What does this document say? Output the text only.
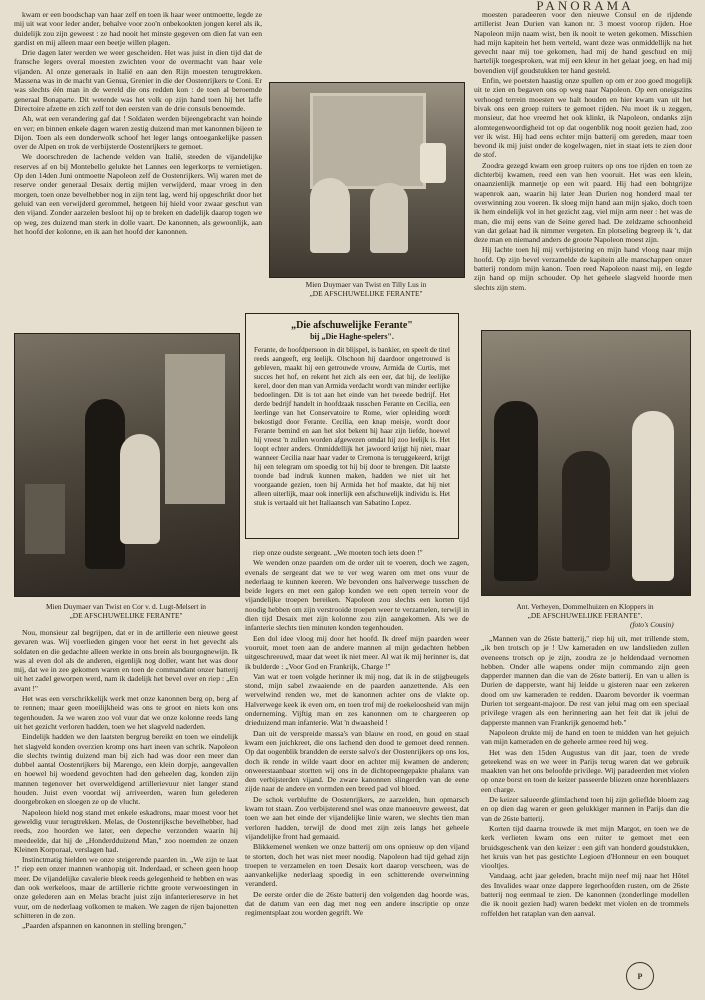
PANORAMA

kwam er een boodschap van haar zelf en toen ik haar weer ontmoette, legde ze mij uit wat voor leder ander, behalve voor zoo'n onbekookten jongen kerel als ik, duidelijk zou zijn geweest : ze had nooit het minste gegeven om dien fat van een gardist en mij alleen maar een beetje willen plagen.

Drie dagen later werden we weer gescheiden. Het was juist in dien tijd dat de fransche legers overal moesten zwichten voor de overmacht van haar vele vijanden. Al onze generaals in Italië en aan den Rijn moesten terugtrekken. Massena was in de macht van Genua, Grenier in die der Oostenrijkers te Coni. Er was slechts één man in de wereld die ons redden kon : de toen al beroemde generaal Bonaparte. Dit wetende was het volk op zijn hand toen hij het laffe Directoire afzette en zich zelf tot den eersten van de drie consuls benoemde.

Ah, wat een verandering gaf dat ! Soldaten werden bijeengebracht van hoinde en ver; en binnen enkele dagen waren zestig duizend man met kanonnen bijeen te Dijon. Toen als een donderwolk schoof het leger langs ontoegankelijke passen over de Alpen en trok de verbijsterde Oostenrijkers te gemoet.

We doorschreden de lachende velden van Italië, steeden de vijandelijke reserves af en bij Montebello gelukte het Lannes een legerkorps te vernietigen. Op den 14den Juni ontmoette Napoleon zelf de Oostenrijkers. Wij waren met de reserve onder generaal Desaix dertig mijlen verwijderd, maar vroeg in den morgen, toen onze bevelhebber nog in zijn tent lag, werd hij opgeschrikt door het geluid van een verwijderd gerommel, hetgeen hij hield voor zwaar geschut van den vijand. Zonder aarzelen besloot hij op te breken en dadelijk daarop togen we op weg, zes duizend man sterk in dolle vaart. De kanonnen, als gewoonlijk, aan het hoofd der kolonne, en ik aan het hoofd der kanonnen.

Mien Duymaer van Twist en Tilly Lus in
„DE AFSCHUWELIJKE FERANTE"

moesten paradeeren voor den nieuwe Consul en de rijdende artillerist Jean Durien van kanon nr. 3 moest voorop rijden. Hoe Napoleon mijn naam wist, ben ik nooit te weten gekomen. Misschien had mijn kapitein het hem verteld, want deze was onmiddellijk na het gevecht naar mij toe gekomen, had mij de hand geschud en mij hartelijk toegesproken, wat mij een kleur in het gelaat joeg, en had mij bovendien vijf goudstukken ter hand gesteld.

Enfin, we poetsten haastig onze spullen op om er zoo goed mogelijk uit te zien en begaven ons op weg naar Napoleon. Op een oneigszins verhoogd terrein moesten we halt houden en hier kwam van uit het bivak ons een groep ruiters te gemoet rijden. Nu moet ik u zeggen, monsieur, dat hoe vreemd het ook klinkt, ik Napoleon, ondanks zijn alomtegenwoordigheid tot op dat oogenblik nog nooit gezien had, zoo ver ik wist. Hij had eens echter mijn batterij om gereden, maar toen bevond ik mij juist onder de kogelwagen, niet in staat iets te zien door de stof.

Zoodra gezegd kwam een groep ruiters op ons toe rijden en toen ze dichterbij kwamen, reed een van hen vooruit. Het was een klein, onaanzienlijk mannetje op een wit paard. Hij had een bohtgrijze wapenrok aan, waarin hij later Jean Durien nog honderd maal ter overwinning zou voeren. Ik sloeg mijn hand aan mijn sjako, doch toen ik hem eindelijk vol in het gezicht zag, viel mijn arm neer : het was de man, die mij eens van de Seine gered had. De zeldzame schoonheid van dat gelaat had ik nimmer vergeten. En plotseling begreep ik 't, dat deze man en niemand anders de groote Napoleon moest zijn.

Hij lachte toen hij mij verbijstering en mijn hand vloog naar mijn hoofd. Op zijn bevel verzamelde de kapitein alle manschappen onzer batterij rondom mijn kanon. Toen reed Napoleon naast mij, en legde zijn hand op mijn schouder. Op het geheele slagveld hoorde men slechts zijn stem.

Mien Duymaer van Twist en Cor v. d. Lugt-Melsert in
„DE AFSCHUWELIJKE FERANTE"
„Die afschuwelijke Ferante"
bij „Die Haghe-spelers".
Ferante, de hoofdpersoon in dit blijspel, is bankier, en speelt de titel reeds aangeeft, erg leelijk. Olschoon hij daardoor ongetrouwd is gebleven, maakt hij een getrouwde vrouw, Armida de Curtis, met succes het hof, en rekent het zich als een eer, dat hij, de leelijke kerel, door den man van Armida verdacht wordt van minder eerlijke bedoelingen. Dit is tot aan het einde van het tweede bedrijf. Het derde bedrijf handelt in hoofdzaak tusschen Ferante en Cecilia, een leerlinge van het Conservatoire te Rome, wier opleiding wordt bekostigd door Ferante. Cecilia, een knap meisje, wordt door Ferante bemind en aan het slot bekent hij haar zijn liefde, hoewel hij vreest 'n zullen worden afgewezen omdat hij zoo leelijk is. Het loopt echter anders. Onmiddellijk het jawoord krijgt hij niet, maar wanneer Cecilia naar haar vader te Cremona is teruggekeerd, krijgt hij een telegram om spoedig tot hij bij door te brengen. Dit laatste toonde bad indruk kunnen maken, hadden we niet uit het voorgaande gezien, toen hij Armida het hof maakte, dat hij niet alleen uiterlijk, maar ook innerlijk een afschuwelijk individu is. Het stuk is vertaald uit het Italiaansch van Sabatino Lopez.
Ant. Verheyen, Dommelhuizen en Kloppers in
„DE AFSCHUWELIJKE FERANTE".
(foto's Cousin)

Nou, monsieur zal begrijpen, dat er in de artillerie een nieuwe geest gevaren was. Wij voerlieden gingen voor het eerst in het gevecht als soldaten en die gedachte alleen werkte in ons brein als bourgognewijn. Ik was al even dol als de anderen, eigenlijk nog doller, want het was door mij, dat we in zee gekomen waren en toen de commandant onzer batterij uit het zadel geworpen werd, nam ik dadelijk het bevel over en riep : „En avant !"

Het was een verschrikkelijk werk met onze kanonnen berg op, berg af te rennen; maar geen moeilijkheid was ons te groot en niets kon ons tegenhouden. Ja we waren zoo vol vuur dat we onze kolonne reeds lang uit het gezicht verloren hadden, toen we het slagveld naderden.

Eindelijk hadden we den laatsten bergrug bereikt en toen we eindelijk het slagveld konden overzien kromp ons hart ineen van schrik. Napoleon die slechts twintig duizend man bij zich had was door een meer dan dubbel aantal Oostenrijkers bij Marengo, een klein dorpje, aangevallen en hoewel hij woedend gevochten had den geheelen dag, konden zijn mannen tegenover het overweldigend artillerievuur niet langer stand houden. Juist even voordat wij arriveerden, waren hun gelederen doorgebroken en sloegen ze op de vlucht.

Napoleon hield nog stand met enkele eskadrons, maar moest voor het geweldig vuur terugtrekken. Melas, de Oostenrijksche bevelhebber, had reeds, zoo hoorden we later, een depeche verzonden waarin hij meedeelde, dat hij de „Honderdduizend Man," zoo noemden ze onzen Kleinen Korporaal, verslagen had.

Instinctmatig hielden we onze steigerende paarden in. „We zijn te laat !" riep een onzer mannen wanhopig uit. Inderdaad, er scheen geen hoop meer. De vijandelijke cavalerie bleek reeds gelegenheid te hebben en was dan ook werkeloos, maar de artillerie richtte groote verwoestingen in onze gelederen aan en Melas bracht juist zijn infanteriereserve in het vuur, om de nederlaag volkomen te maken. We zagen de rijen bajonetten schitteren in de zon.

„Paarden afspannen en kanonnen in stelling brengen,"

riep onze oudste sergeant. „We moeten toch iets doen !"

We wenden onze paarden om de order uit te voeren, doch we zagen, evenals de sergeant dat we te ver weg waren om met ons vuur de nederlaag te kunnen keeren. We bevonden ons halverwege tusschen de beide legers en met een galop konden we een open terrein voor de vijandelijke troepen bereiken. Napoleon zou slechts een korten tijd noodig hebben om zijn verstrooide troepen weer te verzamelen, terwijl in dien tijd Desaix met zijn kolonne zou zijn aangekomen. Als we de infanterie slechts tien minuten konden tegenhouden.

Een dol idee vloog mij door het hoofd. Ik dreef mijn paarden weer vooruit, moet toen aan de andere mannen al mijn gedachten hebben uitgeschreeuwd, maar dat weet ik niet meer. Al wat ik mij herinner is, dat ik bulderde : „Voor God en Frankrijk, Charge !"

Van wat er toen volgde herinner ik mij nog, dat ik in de stijgbeugels stond, mijn sabel zwaaiende en de paarden aanzettende. Als een wervelwind renden we, met de kanonnen achter ons de vlakte op. Halverwege keek ik even om, en toen trof mij de roekeloosheid van mijn onderneming. Vijftig man en zes kanonnen om te chargeeren op drieduizend man infanterie. Wat 'n dwaasheid !

Dan uit de verspreide massa's van blauw en rood, en goud en staal kwam een juichkreet, die ons lachend den dood te gemoet deed rennen. Op dat oogenblik brandden de eerste salvo's der Oostenrijkers op ons los, doch ik rende in wilde vaart door en achter mij kwamen de anderen; onweerstaanbaar stortten wij ons in de dichtopeengepakte phalanx van den verbijsterden vijand. De zware kanonnen slingerden van de eene zijde naar de andere en vormden een breed pad vol bloed.

De schok verbluftte de Oostenrijkers, ze aarzelden, hun opmarsch kwam tot staan. Zoo verbijsterend snel was onze manoeuvre geweest, dat toen we aan het einde der vijandelijke linie waren, we slechts tien man verloren hadden, terwijl de dood met zijn zeis langs het geheele vijandelijke front had gemaaid.

Blikkemenel wenken we onze batterij om ons opnieuw op den vijand te storten, doch het was niet meer noodig. Napoleon had tijd gehad zijn troepen te verzamelen en toen Desaix kort daarop verscheen, was de aanvankelijke nederlaag spoedig in een schitterende overwinning veranderd.

De eerste order die de 26ste batterij den volgenden dag hoorde was, dat de datum van een dag met nog een andere inscriptie op onze regimentsplaat zou worden gegrift. We

„Mannen van de 26ste batterij," riep hij uit, met trillende stem, „ik ben trotsch op je ! Uw kameraden en uw landslieden zullen eveneens trotsch op je zijn, zoodra ze je heldendaad vernomen hebben. Onder alle wapens onder mijn commando zijn geen dapperder mannen dan die van de 26ste batterij. En van u allen is Durien de dapperste, want hij leidde u gisteren naar een zekeren dood om uw kameraden te redden. Daarom bevorder ik voerman Durien tot sergeant-majoor. De rest van jelui mag om een speciaal privilege vragen als een herinnering aan het feit dat ik jelui de dapperste mannen van Frankrijk genoemd heb."

Napoleon drukte mij de hand en toen te midden van het gejuich van mijn kameraden en de geheele armee reed hij weg.

Het was den 15den Augustus van dit jaar, toen de vrede geteekend was en we weer in Parijs terug waren dat we gebruik maakten van het ons beloofde privilege. Wij paradeerden met violen op onze borst en toen de keizer passeerde bliezen onze horenblazers een charge.

De keizer salueerde glimlachend toen hij zijn gelieflde bloem zag en op dien dag waren er geen gelukkiger mannen in Parijs dan die van de 26ste batterij.

Korten tijd daarna trouwde ik met mijn Margot, en toen we de kerk verlieten kwam ons een ruiter te gemoet met een bruidsgeschenk van den keizer : een gift van honderd goudstukken, het kruis van het pas gestichte Legioen d'Honneur en een bouquet viooltjes.

Vandaag, acht jaar geleden, bracht mijn neef mij naar het Hôtel des Invalides waar onze dappere legerhoofden rusten, om de 26ste batterij nog eenmaal te zien. De kanonnen (zonderlinge modellen die ik nooit gezien had) waren bedekt met violen en de trommels roffelden het rataplan van den aanval.

P
